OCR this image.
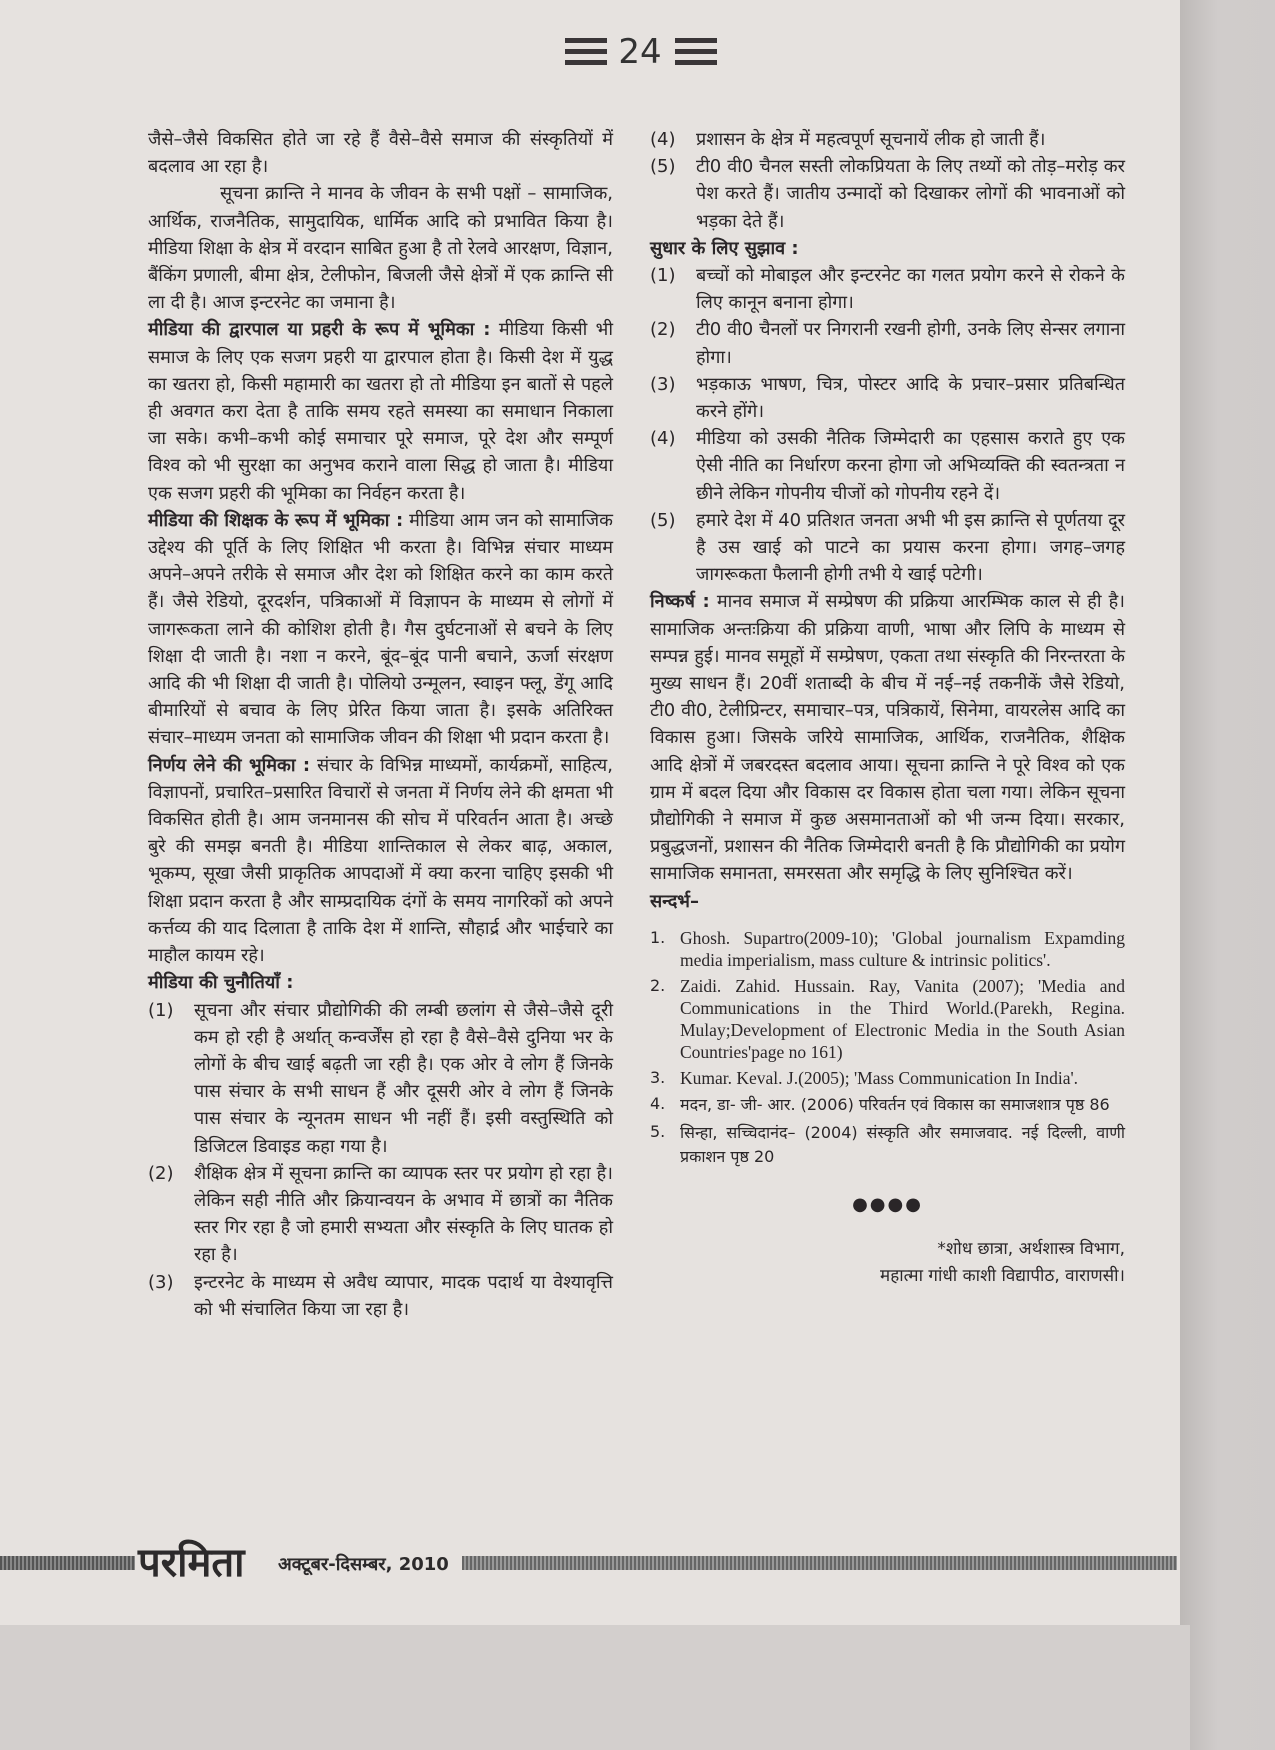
24

जैसे–जैसे विकसित होते जा रहे हैं वैसे–वैसे समाज की संस्कृतियों में बदलाव आ रहा है।

सूचना क्रान्ति ने मानव के जीवन के सभी पक्षों – सामाजिक, आर्थिक, राजनैतिक, सामुदायिक, धार्मिक आदि को प्रभावित किया है। मीडिया शिक्षा के क्षेत्र में वरदान साबित हुआ है तो रेलवे आरक्षण, विज्ञान, बैंकिंग प्रणाली, बीमा क्षेत्र, टेलीफोन, बिजली जैसे क्षेत्रों में एक क्रान्ति सी ला दी है। आज इन्टरनेट का जमाना है।

मीडिया की द्वारपाल या प्रहरी के रूप में भूमिका : मीडिया किसी भी समाज के लिए एक सजग प्रहरी या द्वारपाल होता है। किसी देश में युद्ध का खतरा हो, किसी महामारी का खतरा हो तो मीडिया इन बातों से पहले ही अवगत करा देता है ताकि समय रहते समस्या का समाधान निकाला जा सके। कभी–कभी कोई समाचार पूरे समाज, पूरे देश और सम्पूर्ण विश्व को भी सुरक्षा का अनुभव कराने वाला सिद्ध हो जाता है। मीडिया एक सजग प्रहरी की भूमिका का निर्वहन करता है।

मीडिया की शिक्षक के रूप में भूमिका : मीडिया आम जन को सामाजिक उद्देश्य की पूर्ति के लिए शिक्षित भी करता है। विभिन्न संचार माध्यम अपने–अपने तरीके से समाज और देश को शिक्षित करने का काम करते हैं। जैसे रेडियो, दूरदर्शन, पत्रिकाओं में विज्ञापन के माध्यम से लोगों में जागरूकता लाने की कोशिश होती है। गैस दुर्घटनाओं से बचने के लिए शिक्षा दी जाती है। नशा न करने, बूंद–बूंद पानी बचाने, ऊर्जा संरक्षण आदि की भी शिक्षा दी जाती है। पोलियो उन्मूलन, स्वाइन फ्लू, डेंगू आदि बीमारियों से बचाव के लिए प्रेरित किया जाता है। इसके अतिरिक्त संचार–माध्यम जनता को सामाजिक जीवन की शिक्षा भी प्रदान करता है।

निर्णय लेने की भूमिका : संचार के विभिन्न माध्यमों, कार्यक्रमों, साहित्य, विज्ञापनों, प्रचारित–प्रसारित विचारों से जनता में निर्णय लेने की क्षमता भी विकसित होती है। आम जनमानस की सोच में परिवर्तन आता है। अच्छे बुरे की समझ बनती है। मीडिया शान्तिकाल से लेकर बाढ़, अकाल, भूकम्प, सूखा जैसी प्राकृतिक आपदाओं में क्या करना चाहिए इसकी भी शिक्षा प्रदान करता है और साम्प्रदायिक दंगों के समय नागरिकों को अपने कर्त्तव्य की याद दिलाता है ताकि देश में शान्ति, सौहार्द्र और भाईचारे का माहौल कायम रहे।

मीडिया की चुनौतियाँ :

(1)	सूचना और संचार प्रौद्योगिकी की लम्बी छलांग से जैसे–जैसे दूरी कम हो रही है अर्थात् कन्वर्जेंस हो रहा है वैसे–वैसे दुनिया भर के लोगों के बीच खाई बढ़ती जा रही है। एक ओर वे लोग हैं जिनके पास संचार के सभी साधन हैं और दूसरी ओर वे लोग हैं जिनके पास संचार के न्यूनतम साधन भी नहीं हैं। इसी वस्तुस्थिति को डिजिटल डिवाइड कहा गया है।
(2)	शैक्षिक क्षेत्र में सूचना क्रान्ति का व्यापक स्तर पर प्रयोग हो रहा है। लेकिन सही नीति और क्रियान्वयन के अभाव में छात्रों का नैतिक स्तर गिर रहा है जो हमारी सभ्यता और संस्कृति के लिए घातक हो रहा है।
(3)	इन्टरनेट के माध्यम से अवैध व्यापार, मादक पदार्थ या वेश्यावृत्ति को भी संचालित किया जा रहा है।
(4)	प्रशासन के क्षेत्र में महत्वपूर्ण सूचनायें लीक हो जाती हैं।
(5)	टी0 वी0 चैनल सस्ती लोकप्रियता के लिए तथ्यों को तोड़–मरोड़ कर पेश करते हैं। जातीय उन्मादों को दिखाकर लोगों की भावनाओं को भड़का देते हैं।

सुधार के लिए सुझाव :

(1)	बच्चों को मोबाइल और इन्टरनेट का गलत प्रयोग करने से रोकने के लिए कानून बनाना होगा।
(2)	टी0 वी0 चैनलों पर निगरानी रखनी होगी, उनके लिए सेन्सर लगाना होगा।
(3)	भड़काऊ भाषण, चित्र, पोस्टर आदि के प्रचार–प्रसार प्रतिबन्धित करने होंगे।
(4)	मीडिया को उसकी नैतिक जिम्मेदारी का एहसास कराते हुए एक ऐसी नीति का निर्धारण करना होगा जो अभिव्यक्ति की स्वतन्त्रता न छीने लेकिन गोपनीय चीजों को गोपनीय रहने दें।
(5)	हमारे देश में 40 प्रतिशत जनता अभी भी इस क्रान्ति से पूर्णतया दूर है उस खाई को पाटने का प्रयास करना होगा। जगह–जगह जागरूकता फैलानी होगी तभी ये खाई पटेगी।

निष्कर्ष : मानव समाज में सम्प्रेषण की प्रक्रिया आरम्भिक काल से ही है। सामाजिक अन्तःक्रिया की प्रक्रिया वाणी, भाषा और लिपि के माध्यम से सम्पन्न हुई। मानव समूहों में सम्प्रेषण, एकता तथा संस्कृति की निरन्तरता के मुख्य साधन हैं। 20वीं शताब्दी के बीच में नई–नई तकनीकें जैसे रेडियो, टी0 वी0, टेलीप्रिन्टर, समाचार–पत्र, पत्रिकायें, सिनेमा, वायरलेस आदि का विकास हुआ। जिसके जरिये सामाजिक, आर्थिक, राजनैतिक, शैक्षिक आदि क्षेत्रों में जबरदस्त बदलाव आया। सूचना क्रान्ति ने पूरे विश्व को एक ग्राम में बदल दिया और विकास दर विकास होता चला गया। लेकिन सूचना प्रौद्योगिकी ने समाज में कुछ असमानताओं को भी जन्म दिया। सरकार, प्रबुद्धजनों, प्रशासन की नैतिक जिम्मेदारी बनती है कि प्रौद्योगिकी का प्रयोग सामाजिक समानता, समरसता और समृद्धि के लिए सुनिश्चित करें।

सन्दर्भ–

1. Ghosh. Supartro(2009-10); 'Global journalism Expamding media imperialism, mass culture & intrinsic politics'.
2. Zaidi. Zahid. Hussain. Ray, Vanita (2007); 'Media and Communications in the Third World.(Parekh, Regina. Mulay;Development of Electronic Media in the South Asian Countries'page no 161)
3. Kumar. Keval. J.(2005); 'Mass Communication In India'.
4. मदन, डा- जी- आर. (2006) परिवर्तन एवं विकास का समाजशात्र पृष्ठ 86
5. सिन्हा, सच्चिदानंद– (2004) संस्कृति और समाजवाद. नई दिल्ली, वाणी प्रकाशन पृष्ठ 20
●●●●
*शोध छात्रा, अर्थशास्त्र विभाग,
महात्मा गांधी काशी विद्यापीठ, वाराणसी।
परमिता अक्टूबर-दिसम्बर, 2010
